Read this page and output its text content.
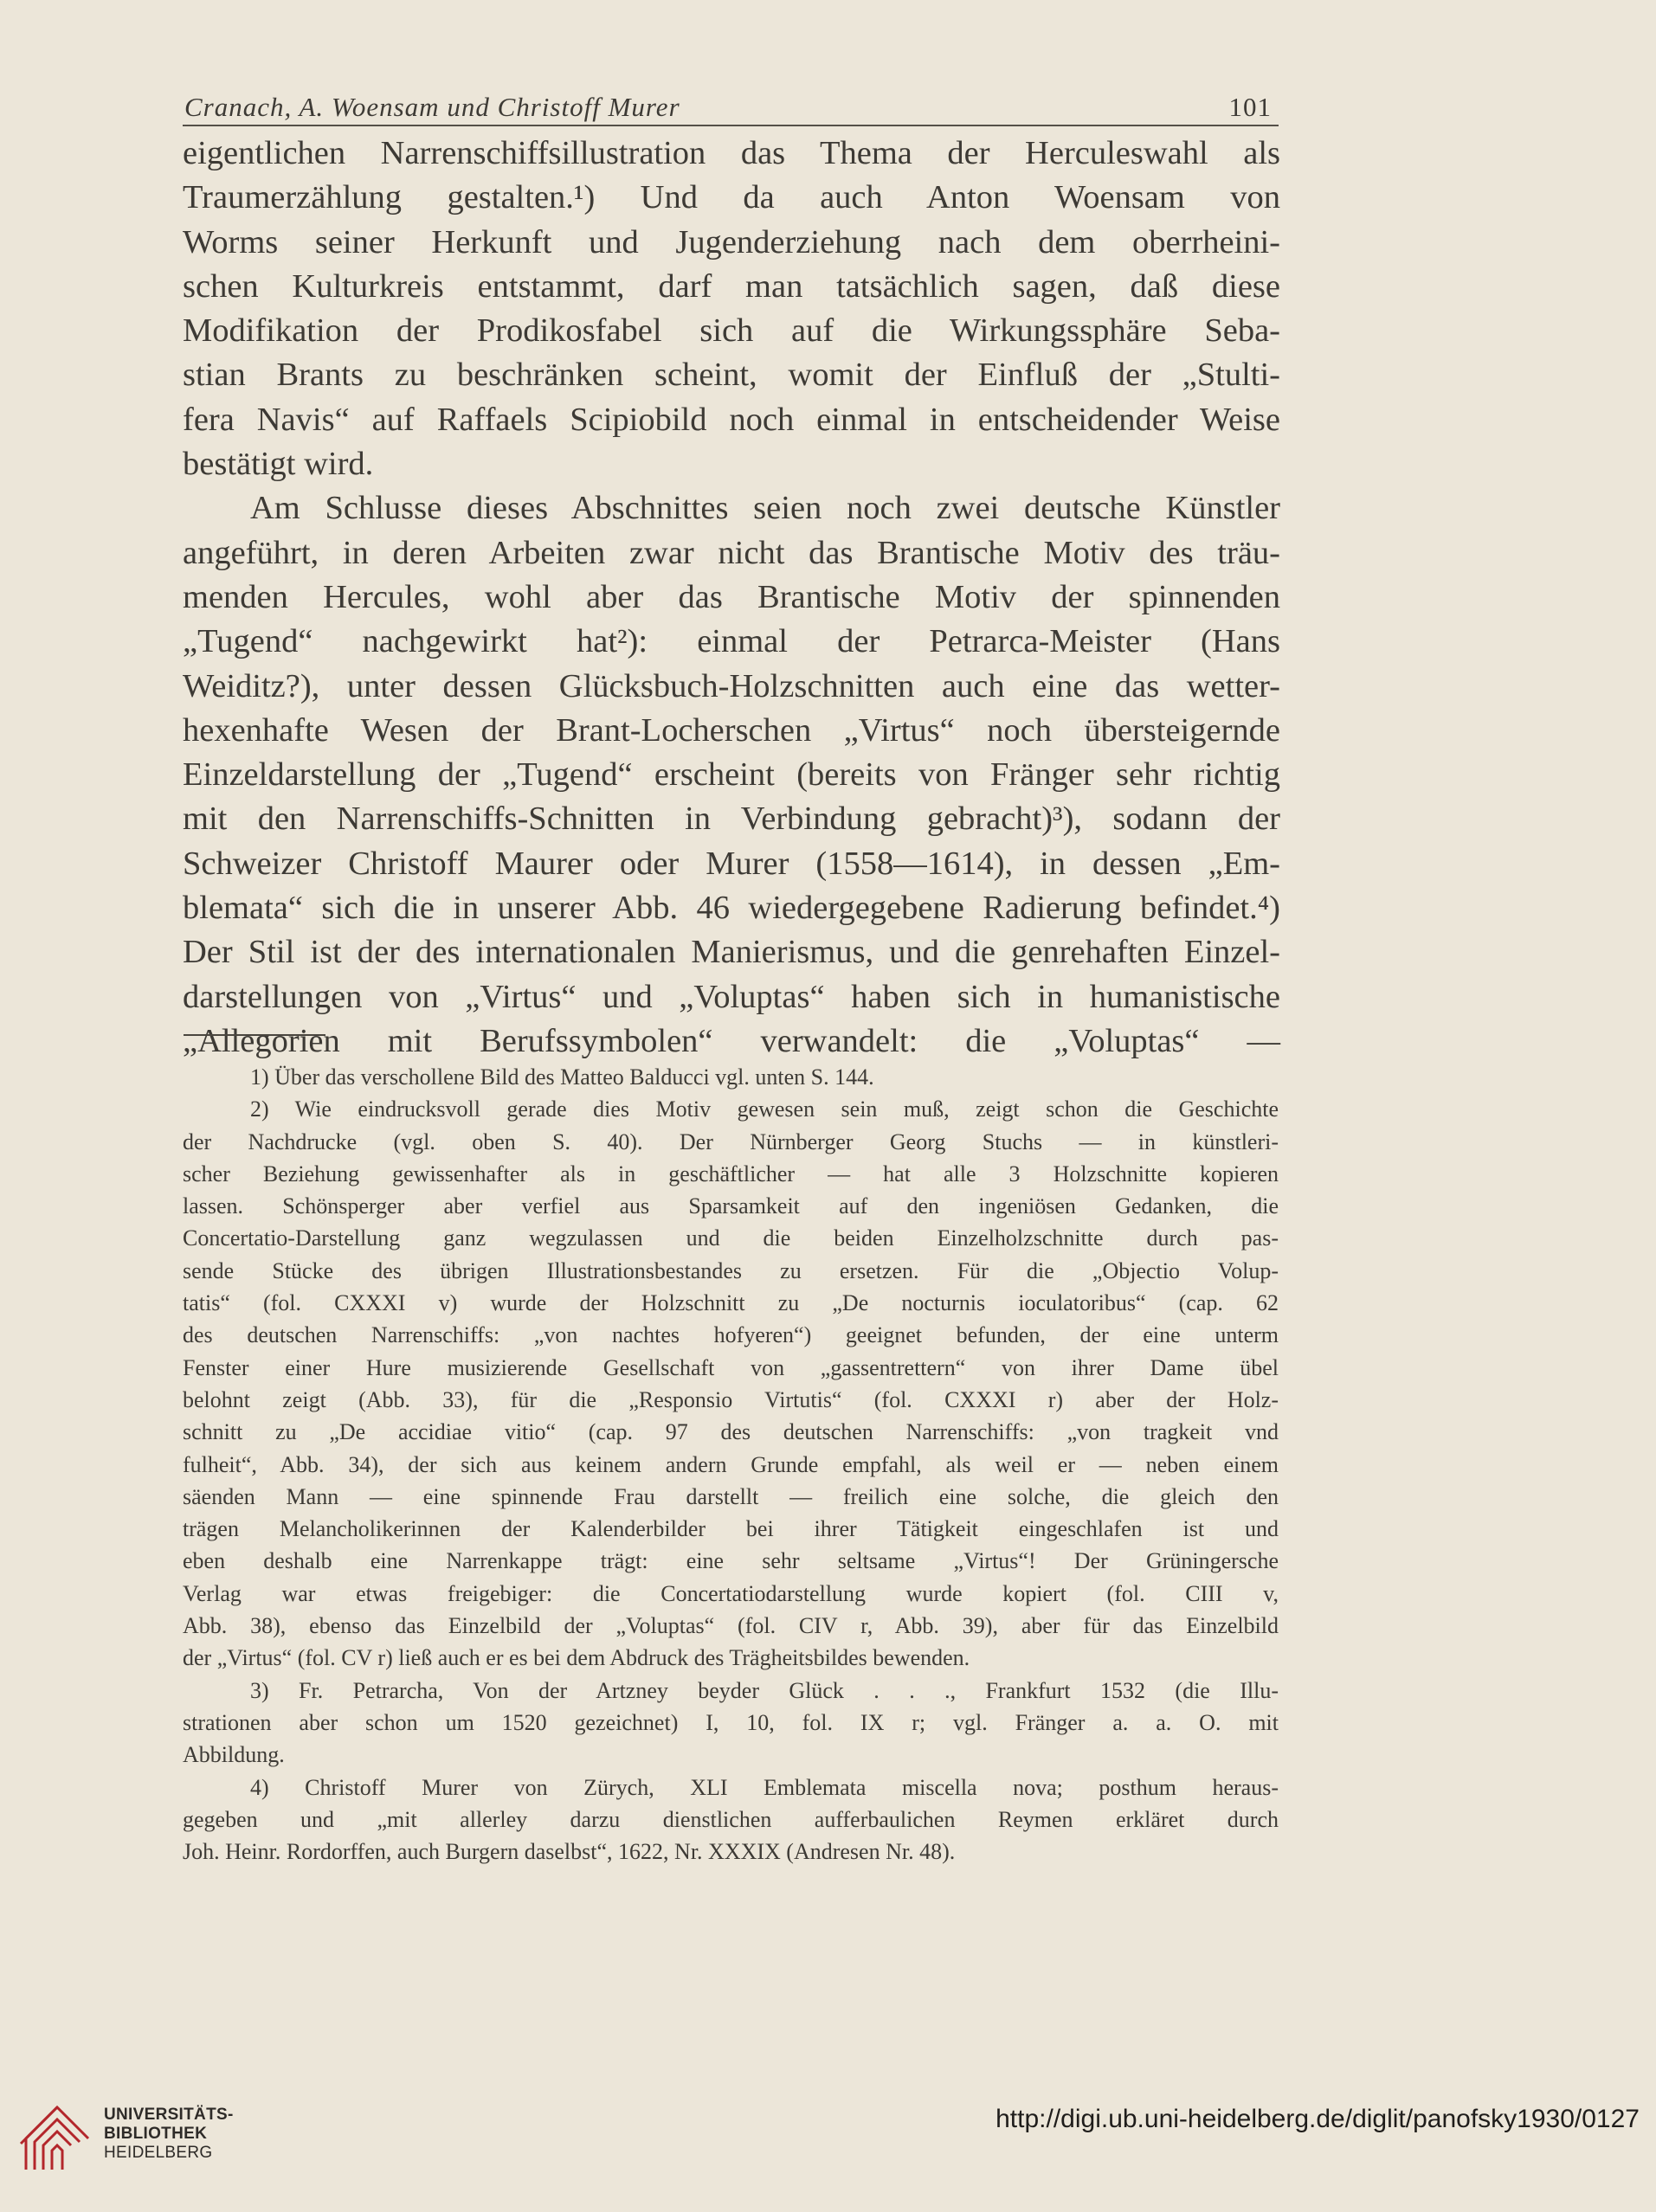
Cranach, A. Woensam und Christoff Murer	101
eigentlichen Narrenschiffsillustration das Thema der Herculeswahl als
Traumerzählung gestalten.¹) Und da auch Anton Woensam von
Worms seiner Herkunft und Jugenderziehung nach dem oberrheini-
schen Kulturkreis entstammt, darf man tatsächlich sagen, daß diese
Modifikation der Prodikosfabel sich auf die Wirkungssphäre Seba-
stian Brants zu beschränken scheint, womit der Einfluß der „Stulti-
fera Navis“ auf Raffaels Scipiobild noch einmal in entscheidender Weise
bestätigt wird.
Am Schlusse dieses Abschnittes seien noch zwei deutsche Künstler
angeführt, in deren Arbeiten zwar nicht das Brantische Motiv des träu-
menden Hercules, wohl aber das Brantische Motiv der spinnenden
„Tugend“ nachgewirkt hat²): einmal der Petrarca-Meister (Hans
Weiditz?), unter dessen Glücksbuch-Holzschnitten auch eine das wetter-
hexenhafte Wesen der Brant-Locherschen „Virtus“ noch übersteigernde
Einzeldarstellung der „Tugend“ erscheint (bereits von Fränger sehr richtig
mit den Narrenschiffs-Schnitten in Verbindung gebracht)³), sodann der
Schweizer Christoff Maurer oder Murer (1558—1614), in dessen „Em-
blemata“ sich die in unserer Abb. 46 wiedergegebene Radierung befindet.⁴)
Der Stil ist der des internationalen Manierismus, und die genrehaften Einzel-
darstellungen von „Virtus“ und „Voluptas“ haben sich in humanistische
„Allegorien mit Berufssymbolen“ verwandelt: die „Voluptas“ —
1) Über das verschollene Bild des Matteo Balducci vgl. unten S. 144.
2) Wie eindrucksvoll gerade dies Motiv gewesen sein muß, zeigt schon die Geschichte
der Nachdrucke (vgl. oben S. 40). Der Nürnberger Georg Stuchs — in künstleri-
scher Beziehung gewissenhafter als in geschäftlicher — hat alle 3 Holzschnitte kopieren
lassen. Schönsperger aber verfiel aus Sparsamkeit auf den ingeniösen Gedanken, die
Concertatio-Darstellung ganz wegzulassen und die beiden Einzelholzschnitte durch pas-
sende Stücke des übrigen Illustrationsbestandes zu ersetzen. Für die „Objectio Volup-
tatis“ (fol. CXXXI v) wurde der Holzschnitt zu „De nocturnis ioculatoribus“ (cap. 62
des deutschen Narrenschiffs: „von nachtes hofyeren“) geeignet befunden, der eine unterm
Fenster einer Hure musizierende Gesellschaft von „gassentrettern“ von ihrer Dame übel
belohnt zeigt (Abb. 33), für die „Responsio Virtutis“ (fol. CXXXI r) aber der Holz-
schnitt zu „De accidiae vitio“ (cap. 97 des deutschen Narrenschiffs: „von tragkeit vnd
fulheit“, Abb. 34), der sich aus keinem andern Grunde empfahl, als weil er — neben einem
säenden Mann — eine spinnende Frau darstellt — freilich eine solche, die gleich den
trägen Melancholikerinnen der Kalenderbilder bei ihrer Tätigkeit eingeschlafen ist und
eben deshalb eine Narrenkappe trägt: eine sehr seltsame „Virtus“! Der Grüningersche
Verlag war etwas freigebiger: die Concertatiodarstellung wurde kopiert (fol. CIII v,
Abb. 38), ebenso das Einzelbild der „Voluptas“ (fol. CIV r, Abb. 39), aber für das Einzelbild
der „Virtus“ (fol. CV r) ließ auch er es bei dem Abdruck des Trägheitsbildes bewenden.
3) Fr. Petrarcha, Von der Artzney beyder Glück . . ., Frankfurt 1532 (die Illu-
strationen aber schon um 1520 gezeichnet) I, 10, fol. IX r; vgl. Fränger a. a. O. mit
Abbildung.
4) Christoff Murer von Zürych, XLI Emblemata miscella nova; posthum heraus-
gegeben und „mit allerley darzu dienstlichen aufferbaulichen Reymen erkläret durch
Joh. Heinr. Rordorffen, auch Burgern daselbst“, 1622, Nr. XXXIX (Andresen Nr. 48).
UNIVERSITÄTS-
BIBLIOTHEK
HEIDELBERG
http://digi.ub.uni-heidelberg.de/diglit/panofsky1930/0127
